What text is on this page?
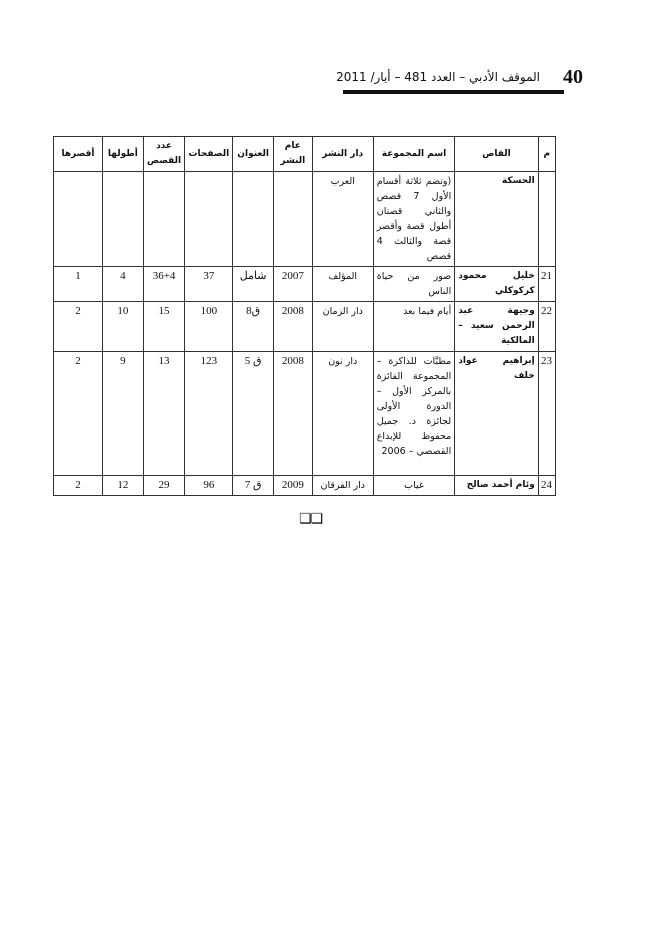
40
الموقف الأدبي – العدد 481 – أيار/ 2011
م	القاص	اسم المجموعة	دار النشر	عام النشر	العنوان	الصفحات	عدد القصص	أطولها	أقصرها
	الحسكة	(وتضم ثلاثة أقسام الأول 7 قصص والثاني قصتان أطول قصة وأقصر قصة والثالث 4 قصص	العرب						
21	خليل محمود كركوكلي	صور من حياة الناس	المؤلف	2007	شامل	37	36+4	4	1
22	وجيهة عبد الرحمن سعيد – المالكية	أيام فيما بعد	دار الزمان	2008	ق8	100	15	10	2
23	إبراهيم عواد خلف	مطبَّات للذاكرة – المجموعة الفائزة بالمركز الأول – الدورة الأولى لجائزة د. جميل محفوظ للإبداع القصصي – 2006	دار نون	2008	ق 5	123	13	9	2
24	وئام أحمد صالح	غياب	دار الفرقان	2009	ق 7	96	29	12	2
❏❏
